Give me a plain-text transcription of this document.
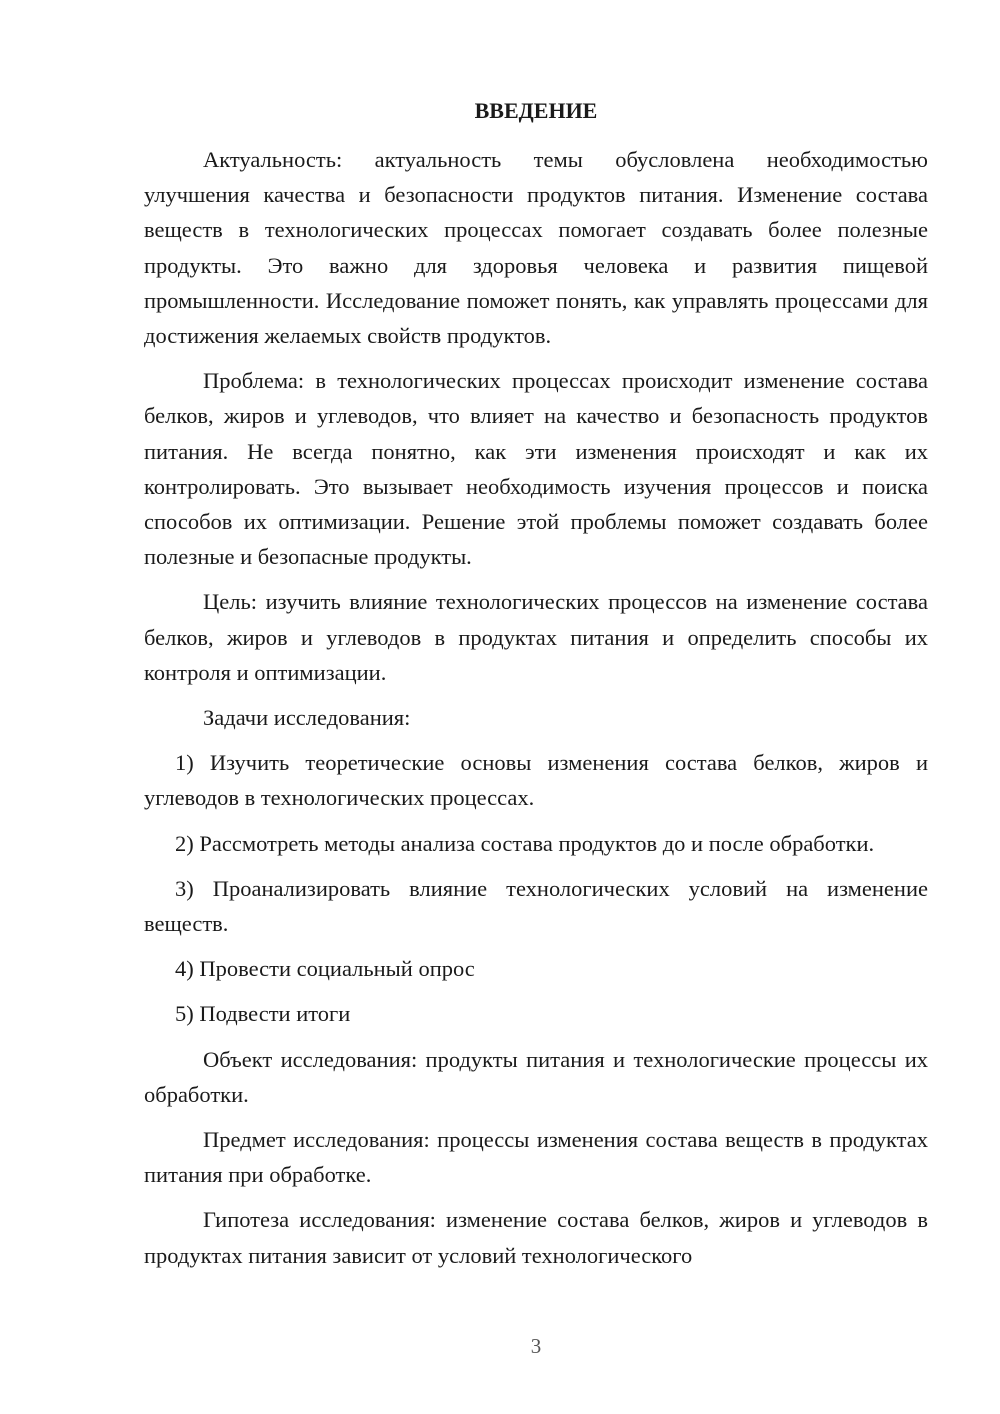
ВВЕДЕНИЕ

Актуальность: актуальность темы обусловлена необходимостью улучшения качества и безопасности продуктов питания. Изменение состава веществ в технологических процессах помогает создавать более полезные продукты. Это важно для здоровья человека и развития пищевой промышленности. Исследование поможет понять, как управлять процессами для достижения желаемых свойств продуктов.

Проблема: в технологических процессах происходит изменение состава белков, жиров и углеводов, что влияет на качество и безопасность продуктов питания. Не всегда понятно, как эти изменения происходят и как их контролировать. Это вызывает необходимость изучения процессов и поиска способов их оптимизации. Решение этой проблемы поможет создавать более полезные и безопасные продукты.

Цель: изучить влияние технологических процессов на изменение состава белков, жиров и углеводов в продуктах питания и определить способы их контроля и оптимизации.

Задачи исследования:

1) Изучить теоретические основы изменения состава белков, жиров и углеводов в технологических процессах.

2) Рассмотреть методы анализа состава продуктов до и после обработки.

3) Проанализировать влияние технологических условий на изменение веществ.

4) Провести социальный опрос

5) Подвести итоги

Объект исследования: продукты питания и технологические процессы их обработки.

Предмет исследования: процессы изменения состава веществ в продуктах питания при обработке.

Гипотеза исследования: изменение состава белков, жиров и углеводов в продуктах питания зависит от условий технологического

3
